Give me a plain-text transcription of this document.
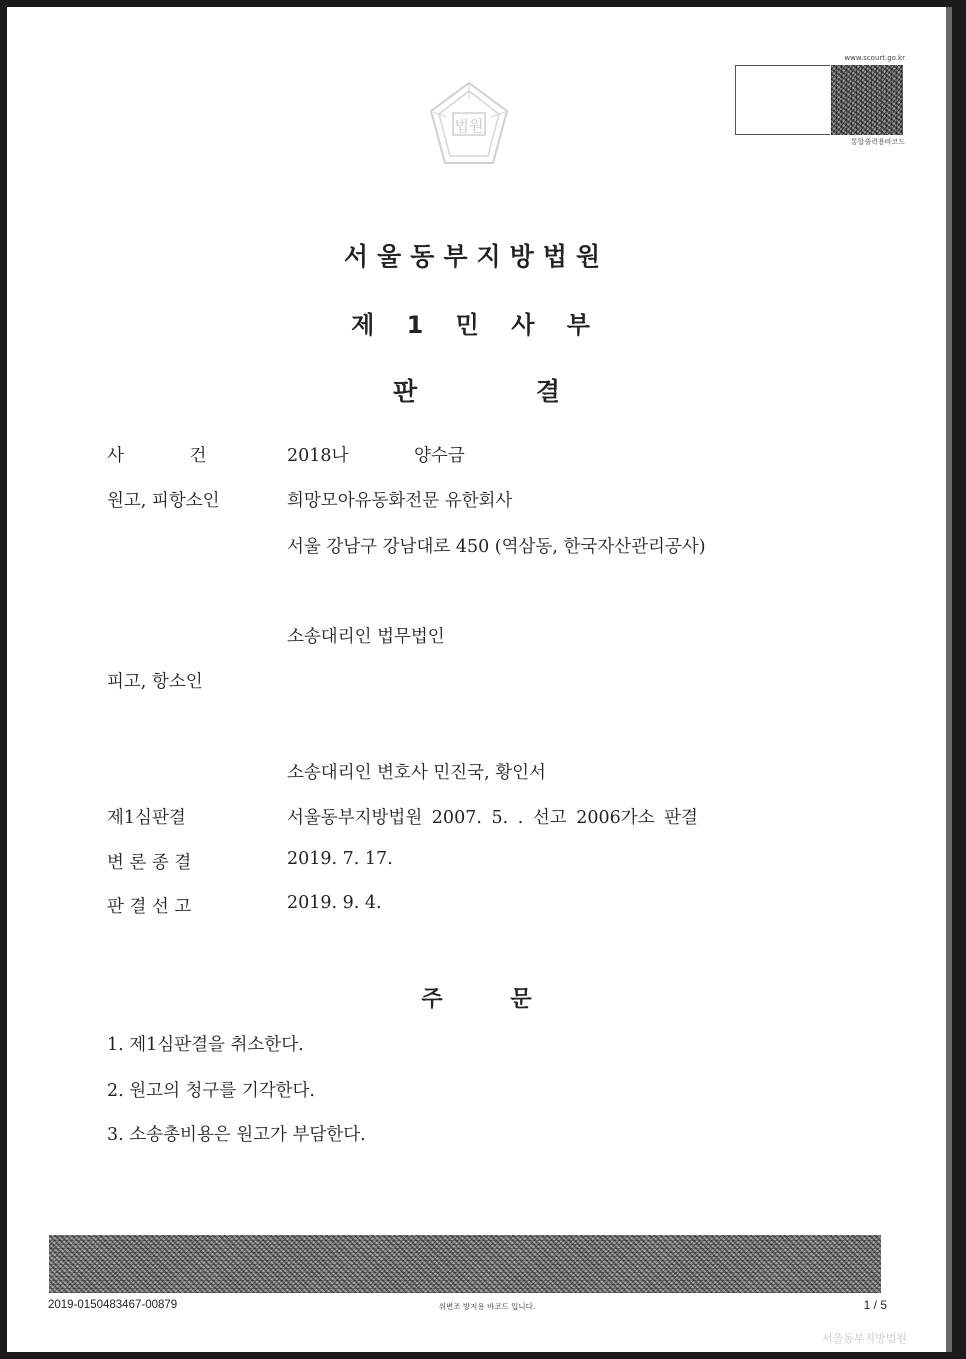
법원
www.scourt.go.kr
통합출력용바코드
서울동부지방법원
제 1 민 사 부
판 결
사 건	2018나 양수금
원고, 피항소인	희망모아유동화전문 유한회사
서울 강남구 강남대로 450 (역삼동, 한국자산관리공사)
소송대리인 법무법인
피고, 항소인
소송대리인 변호사 민진국, 황인서
제1심판결	서울동부지방법원 2007. 5. . 선고 2006가소 판결
변 론 종 결	2019. 7. 17.
판 결 선 고	2019. 9. 4.
주 문
1. 제1심판결을 취소한다.
2. 원고의 청구를 기각한다.
3. 소송총비용은 원고가 부담한다.
2019-0150483467-00879	위변조 방지용 바코드 입니다.	1 / 5
서울동부지방법원
